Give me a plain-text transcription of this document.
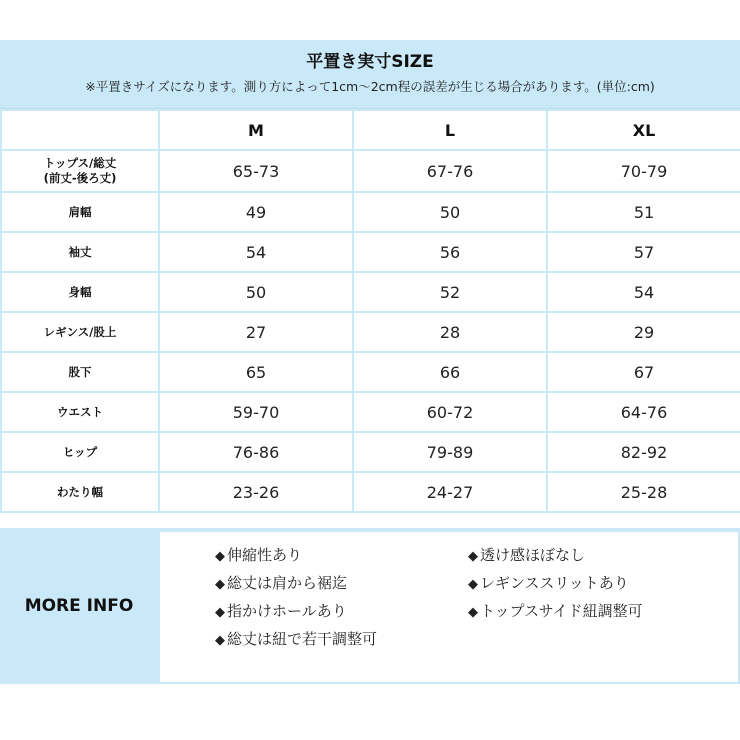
平置き実寸SIZE
※平置きサイズになります。測り方によって1cm〜2cm程の誤差が生じる場合があります。(単位:cm)
	M	L	XL

トップス/総丈
(前丈-後ろ丈)	65-73	67-76	70-79

肩幅	49	50	51

袖丈	54	56	57

身幅	50	52	54

レギンス/股上	27	28	29

股下	65	66	67

ウエスト	59-70	60-72	64-76

ヒップ	76-86	79-89	82-92

わたり幅	23-26	24-27	25-28
MORE INFO
◆ 伸縮性あり	◆ 透け感ほぼなし
◆ 総丈は肩から裾迄	◆ レギンススリットあり
◆ 指かけホールあり	◆ トップスサイド紐調整可
◆ 総丈は紐で若干調整可
